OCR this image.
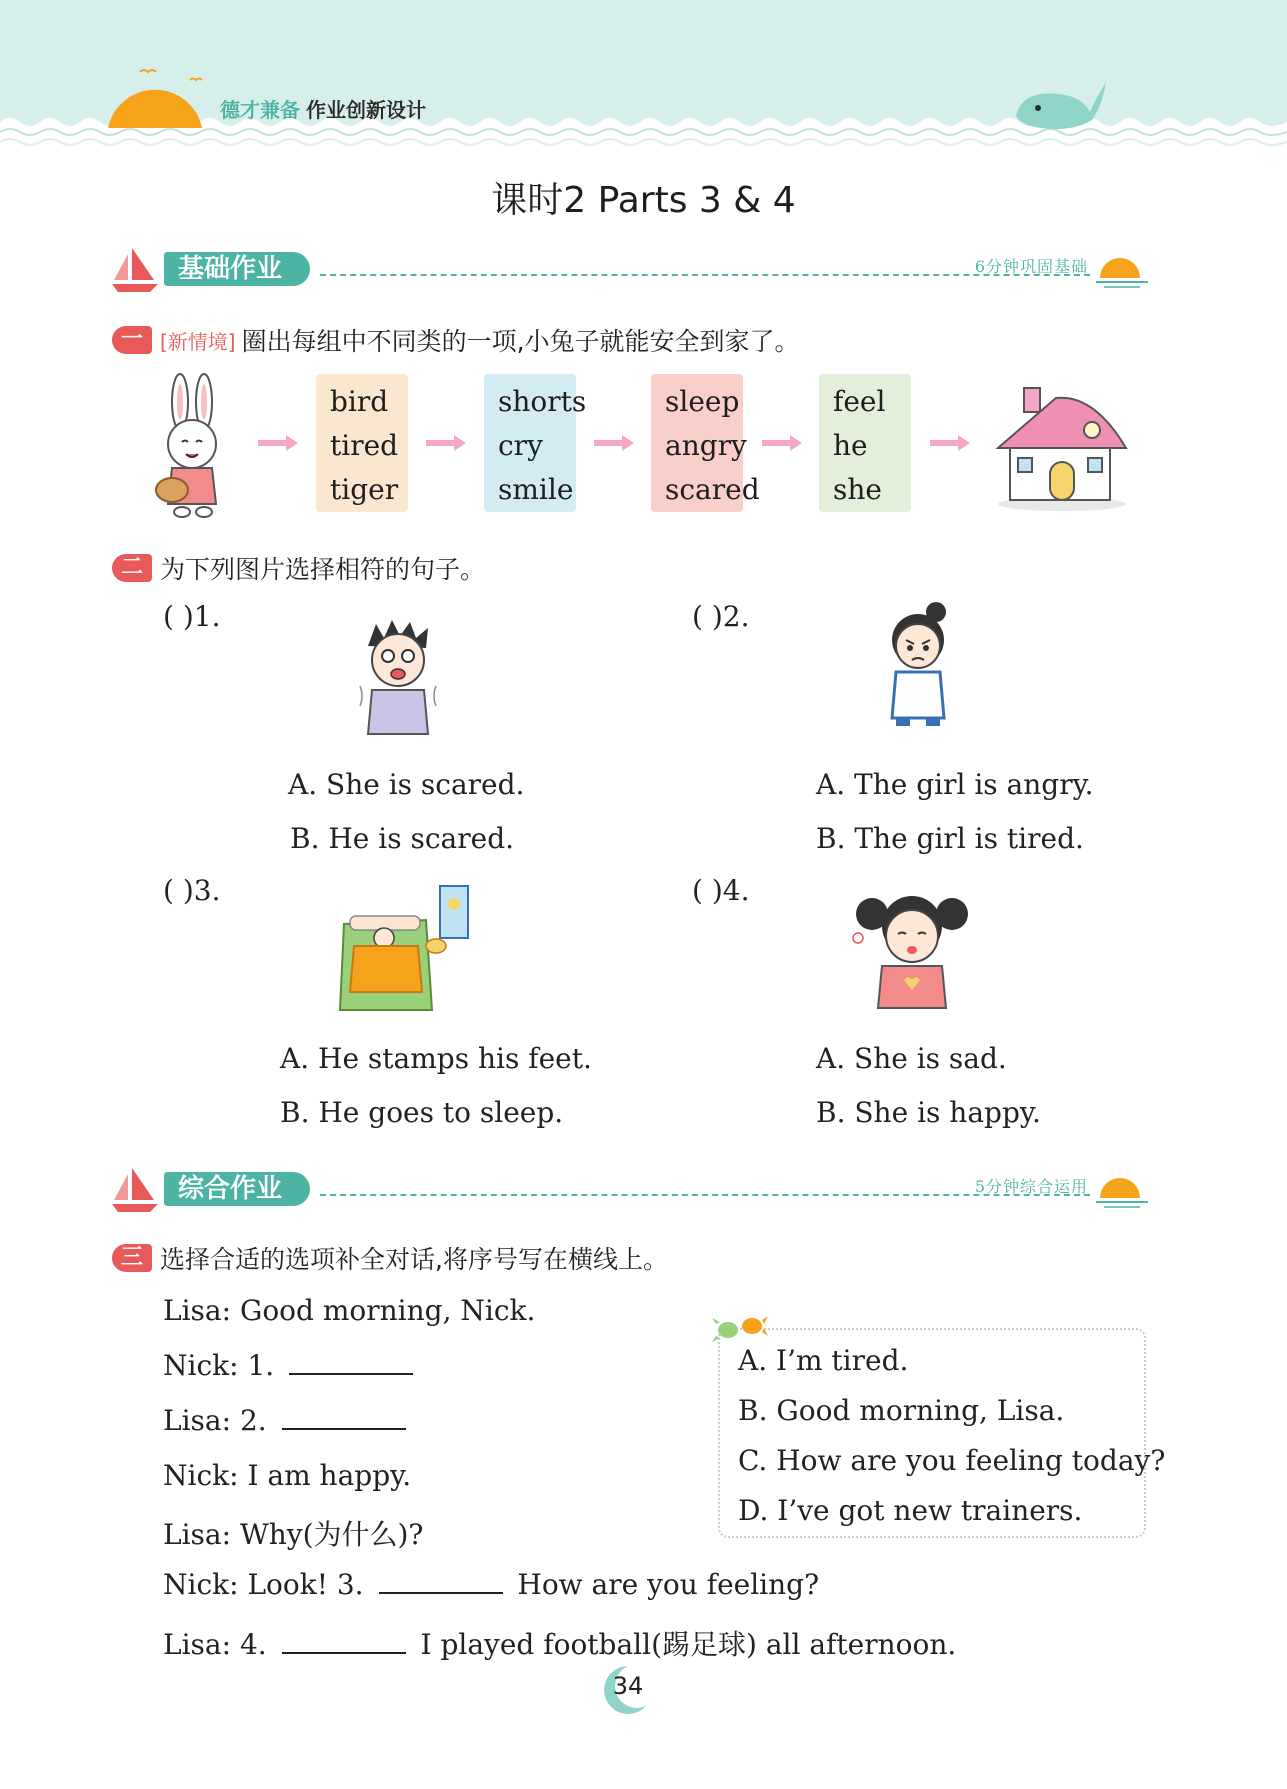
德才兼备 作业创新设计
课时2 Parts 3 & 4
基础作业	6分钟巩固基础
一 [新情境] 圈出每组中不同类的一项,小兔子就能安全到家了。
bird
tired
tiger
shorts
cry
smile
sleep
angry
scared
feel
he
she
二 为下列图片选择相符的句子。
( )1.
A. She is scared.
B. He is scared.
( )2.
A. The girl is angry.
B. The girl is tired.
( )3.
A. He stamps his feet.
B. He goes to sleep.
( )4.
A. She is sad.
B. She is happy.
综合作业	5分钟综合运用
三 选择合适的选项补全对话,将序号写在横线上。
Lisa: Good morning, Nick.
Nick: 1.
Lisa: 2.
Nick: I am happy.
Lisa: Why(为什么)?
Nick: Look! 3.	How are you feeling?
Lisa: 4.	I played football(踢足球) all afternoon.
A. I’m tired.
B. Good morning, Lisa.
C. How are you feeling today?
D. I’ve got new trainers.
34
